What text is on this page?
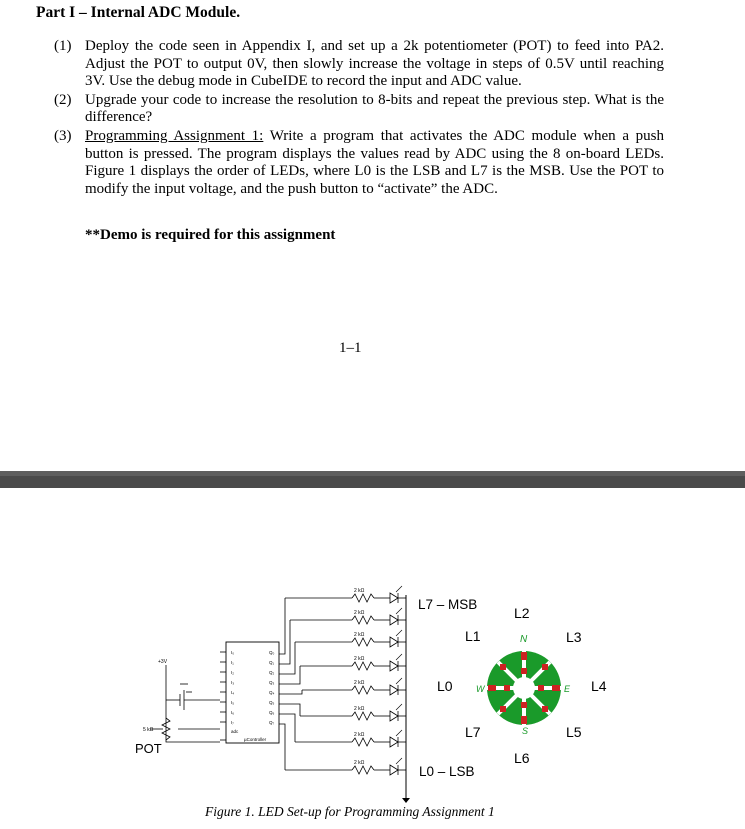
Part I – Internal ADC Module.
(1) Deploy the code seen in Appendix I, and set up a 2k potentiometer (POT) to feed into PA2. Adjust the POT to output 0V, then slowly increase the voltage in steps of 0.5V until reaching 3V. Use the debug mode in CubeIDE to record the input and ADC value.
(2) Upgrade your code to increase the resolution to 8-bits and repeat the previous step. What is the difference?
(3) Programming Assignment 1: Write a program that activates the ADC module when a push button is pressed. The program displays the values read by ADC using the 8 on-board LEDs. Figure 1 displays the order of LEDs, where L0 is the LSB and L7 is the MSB. Use the POT to modify the input voltage, and the push button to “activate” the ADC.
**Demo is required for this assignment
1–1
2 kΩ
2 kΩ
2 kΩ
2 kΩ
2 kΩ
2 kΩ
2 kΩ
2 kΩ
I₀
I₁
I₂
I₃
I₄
I₅
I₆
I₇
Q₀
Q₁
Q₂
Q₃
Q₄
Q₅
Q₆
Q₇
adc
µController
+3V
5 kΩ
POT
L7 – MSB
L0 – LSB
N
S
W	E
L2
L1	L3
L0	L4
L7	L5
L6
Figure 1. LED Set-up for Programming Assignment 1
